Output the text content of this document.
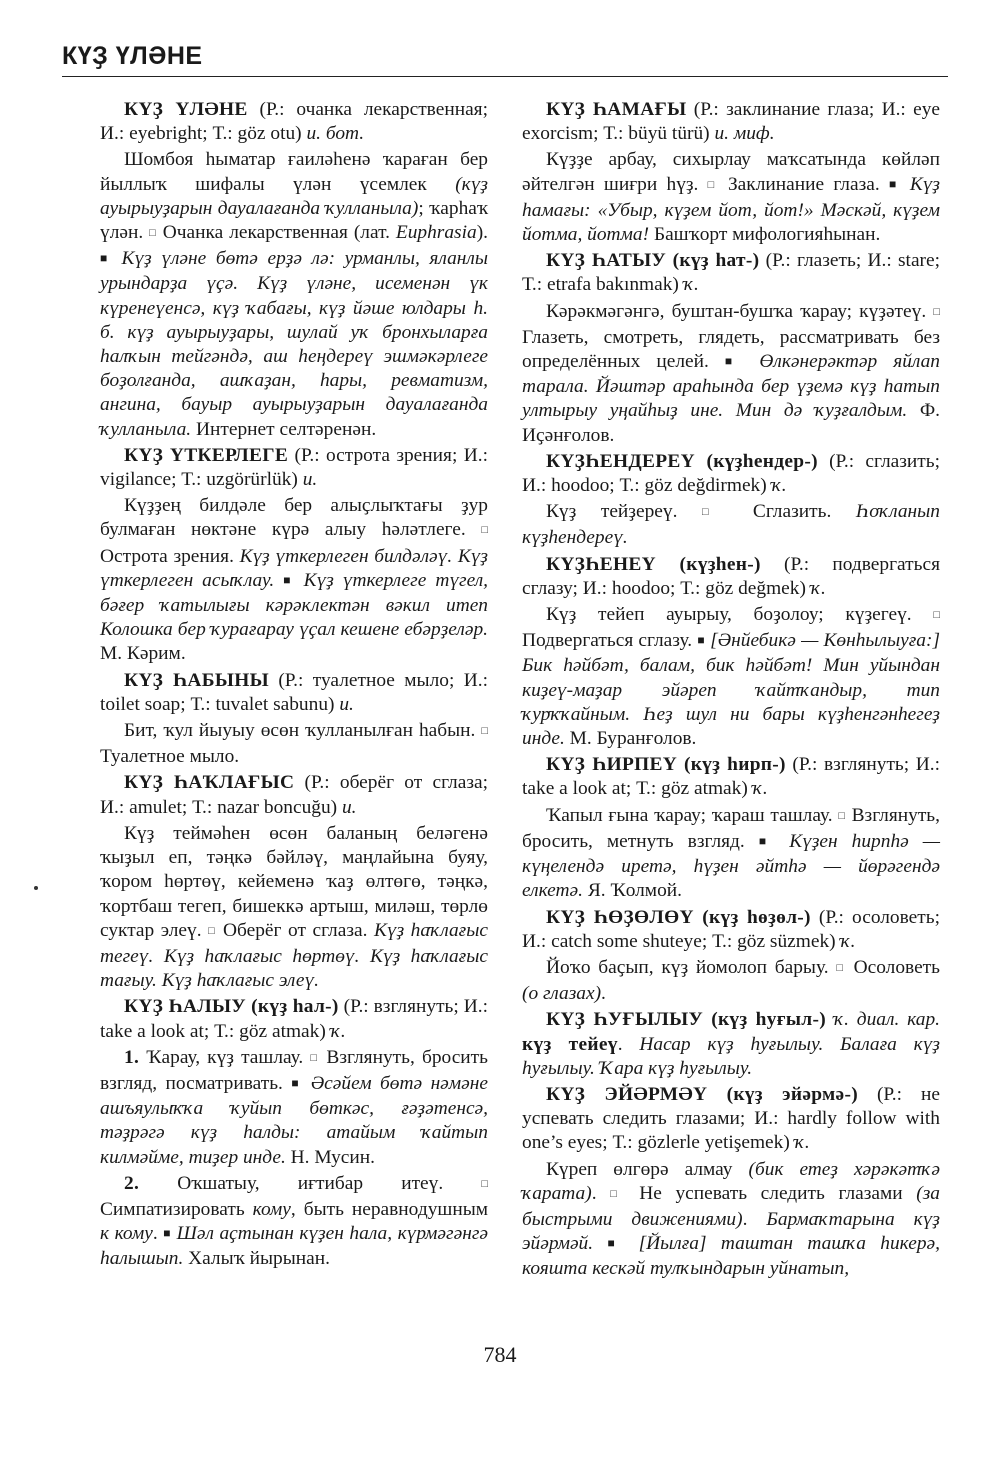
КҮҘ ҮЛӘНЕ

КҮҘ ҮЛӘНЕ (Р.: очанка лекарственная; И.: eyebright; Т.: göz otu) и. бот.

Шомбоя һыматар ғаиләһенә ҡараған бер йыллыҡ шифалы үлән үсемлек (күҙ ауырыуҙарын дауалағанда ҡулланыла); ҡарһаҡ үлән. □ Очанка лекарственная (лат. Euphrasia). ■ Күҙ үләне бөтә ерҙә лә: урманлы, яланлы урындарҙа үҫә. Күҙ үләне, исеменән үк күренеүенсә, күҙ ҡабағы, күҙ йәше юлдары һ. б. күҙ ауырыуҙары, шулай уҡ бронхыларға һалҡын тейгәндә, аш һеңдереү эшмәкәрлеге боҙолғанда, ашҡаҙан, һары, ревматизм, ангина, бауыр ауырыуҙарын дауалағанда ҡулланыла. Интернет селтәренән.

КҮҘ ҮТКЕРЛЕГЕ (Р.: острота зрения; И.: vigilance; Т.: uzgörürlük) и.

Күҙҙең билдәле бер алыҫлыҡтағы ҙур булмаған нөктәне күрә алыу һәләтлеге. □ Острота зрения. Күҙ үткерлеген билдәләү. Күҙ үткерлеген асыҡлау. ■ Күҙ үткерлеге түгел, бәғер ҡатылығы кәрәклектән вәкил итеп Колошка бер ҡурағарау үҫал кешене ебәрҙеләр. М. Кәрим.

КҮҘ ҺАБЫНЫ (Р.: туалетное мыло; И.: toilet soap; Т.: tuvalet sabunu) и.

Бит, ҡул йыуыу өсөн ҡулланылған һабын. □ Туалетное мыло.

КҮҘ ҺАҠЛАҒЫС (Р.: оберёг от сглаза; И.: amulet; Т.: nazar boncuğu) и.

Күҙ теймәһен өсөн баланың беләгенә ҡыҙыл еп, тәңкә бәйләү, маңлайына буяу, ҡором һөртөү, кейеменә ҡаҙ өлтөгө, тәңкә, ҡортбаш тегеп, бишеккә артыш, миләш, төрлө суктар элеү. □ Оберёг от сглаза. Күҙ һаҡлағыс тегеү. Күҙ һаҡлағыс һөртөү. Күҙ һаҡлағыс тағыу. Күҙ һаҡлағыс элеү.

КҮҘ ҺАЛЫУ (күҙ һал-) (Р.: взглянуть; И.: take a look at; Т.: göz atmak) ҡ.

1. Ҡарау, күҙ ташлау. □ Взглянуть, бросить взгляд, посматривать. ■ Әсәйем бөтә нәмәне ашъяулыҡҡа ҡуйып бөткәс, ғәҙәтенсә, тәҙрәгә күҙ һалды: атайым ҡайтып килмәйме, тиҙер инде. Н. Мусин.

2. Оҡшатыу, иғтибар итеү. □ Симпатизировать кому, быть неравнодушным к кому. ■ Шәл аҫтынан күҙен һала, күрмәгәнгә һалышып. Халыҡ йырынан.

КҮҘ ҺАМАҒЫ (Р.: заклинание глаза; И.: eye exorcism; Т.: büyü türü) и. миф.

Күҙҙе арбау, сихырлау маҡсатында көйләп әйтелгән шиғри һүҙ. □ Заклинание глаза. ■ Күҙ һамағы: «Убыр, күҙем йот, йот!» Мәскәй, күҙем йотма, йотма! Башҡорт мифологияһынан.

КҮҘ ҺАТЫУ (күҙ һат-) (Р.: глазеть; И.: stare; Т.: etrafa bakınmak) ҡ.

Кәрәкмәгәнгә, буштан-бушҡа ҡарау; күҙәтеү. □ Глазеть, смотреть, глядеть, рассматривать без определённых целей. ■ Өлкәнерәктәр яйлап тарала. Йәштәр араһында бер үҙемә күҙ һатып ултырыу уңайһыҙ ине. Мин дә ҡуҙғалдым. Ф. Иҫәнғолов.

КҮҘҺЕНДЕРЕҮ (күҙһендер-) (Р.: сглазить; И.: hoodoo; Т.: göz değdirmek) ҡ.

Күҙ тейҙереү. □ Сглазить. Һоҡланып күҙһендереү.

КҮҘҺЕНЕҮ (күҙһен-) (Р.: подвергаться сглазу; И.: hoodoo; Т.: göz değmek) ҡ.

Күҙ тейеп ауырыу, боҙолоу; күҙегеү. □ Подвергаться сглазу. ■ [Әнйебикә — Көнһылыуға:] Бик һәйбәт, балам, бик һәйбәт! Мин уйындан киҙеү-маҙар эйәреп ҡайтҡандыр, тип ҡурҡҡайным. Һеҙ шул ни бары күҙһенгәнһегеҙ инде. М. Буранғолов.

КҮҘ ҺИРПЕҮ (күҙ һирп-) (Р.: взглянуть; И.: take a look at; Т.: göz atmak) ҡ.

Ҡапыл ғына ҡарау; ҡараш ташлау. □ Взглянуть, бросить, метнуть взгляд. ■ Күҙен һирпһә — күңелендә иретә, һүҙен әйтһә — йөрәгендә елкетә. Я. Ҡолмой.

КҮҘ ҺӨҘӨЛӨҮ (күҙ һөҙөл-) (Р.: осоловеть; И.: catch some shuteye; Т.: göz süzmek) ҡ.

Йоҡо баҫып, күҙ йомолоп барыу. □ Осоловеть (о глазах).

КҮҘ ҺУҒЫЛЫУ (күҙ һуғыл-) ҡ. диал. кар. күҙ тейеү. Насар күҙ һуғылыу. Балаға күҙ һуғылыу. Ҡара күҙ һуғылыу.

КҮҘ ЭЙӘРМӘҮ (күҙ эйәрмә-) (Р.: не успевать следить глазами; И.: hardly follow with one’s eyes; Т.: gözlerle yetişemek) ҡ.

Күреп өлгөрә алмау (бик етеҙ хәрәкәтҡә ҡарата). □ Не успевать следить глазами (за быстрыми движениями). Бармаҡтарына күҙ эйәрмәй. ■ [Йылға] таштан ташҡа һикерә, кояшта кескәй тулҡындарын уйнатып,

784
